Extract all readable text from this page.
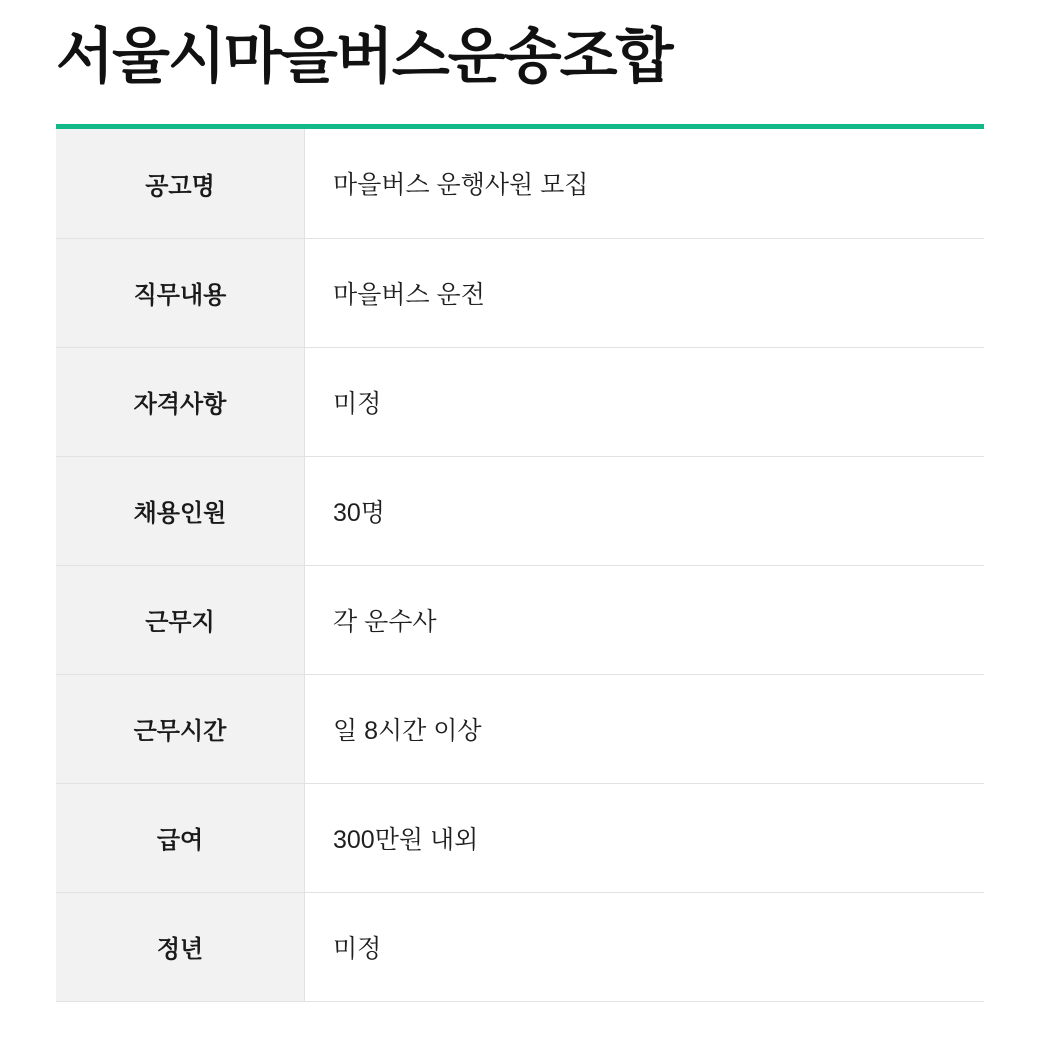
서울시마을버스운송조합
공고명	마을버스 운행사원 모집
직무내용	마을버스 운전
자격사항	미정
채용인원	30명
근무지	각 운수사
근무시간	일 8시간 이상
급여	300만원 내외
정년	미정
